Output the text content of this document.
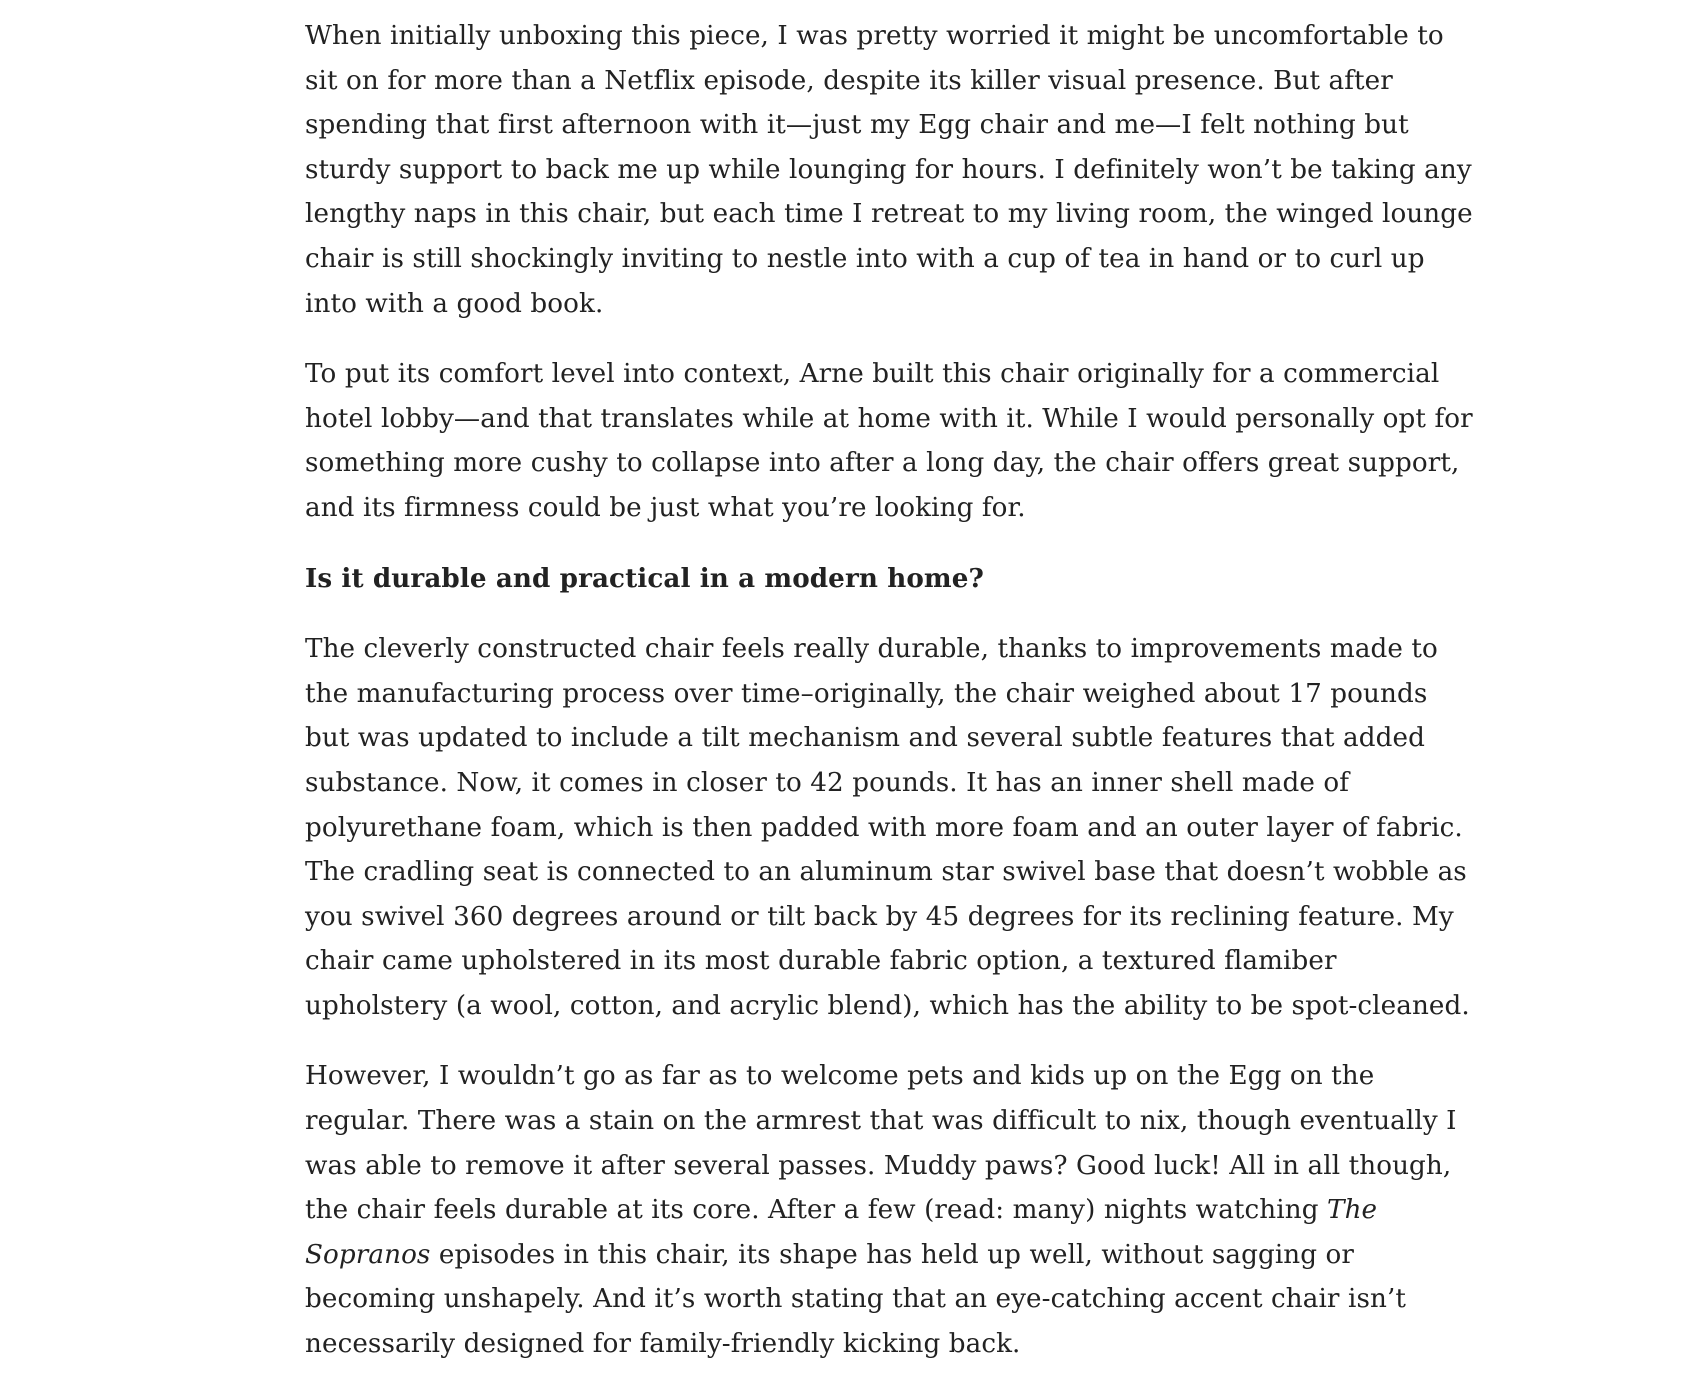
When initially unboxing this piece, I was pretty worried it might be uncomfortable to sit on for more than a Netflix episode, despite its killer visual presence. But after spending that first afternoon with it—just my Egg chair and me—I felt nothing but sturdy support to back me up while lounging for hours. I definitely won’t be taking any lengthy naps in this chair, but each time I retreat to my living room, the winged lounge chair is still shockingly inviting to nestle into with a cup of tea in hand or to curl up into with a good book.

To put its comfort level into context, Arne built this chair originally for a commercial hotel lobby—and that translates while at home with it. While I would personally opt for something more cushy to collapse into after a long day, the chair offers great support, and its firmness could be just what you’re looking for.

Is it durable and practical in a modern home?

The cleverly constructed chair feels really durable, thanks to improvements made to the manufacturing process over time–originally, the chair weighed about 17 pounds but was updated to include a tilt mechanism and several subtle features that added substance. Now, it comes in closer to 42 pounds. It has an inner shell made of polyurethane foam, which is then padded with more foam and an outer layer of fabric. The cradling seat is connected to an aluminum star swivel base that doesn’t wobble as you swivel 360 degrees around or tilt back by 45 degrees for its reclining feature. My chair came upholstered in its most durable fabric option, a textured flamiber upholstery (a wool, cotton, and acrylic blend), which has the ability to be spot-cleaned.

However, I wouldn’t go as far as to welcome pets and kids up on the Egg on the regular. There was a stain on the armrest that was difficult to nix, though eventually I was able to remove it after several passes. Muddy paws? Good luck! All in all though, the chair feels durable at its core. After a few (read: many) nights watching The Sopranos episodes in this chair, its shape has held up well, without sagging or becoming unshapely. And it’s worth stating that an eye-catching accent chair isn’t necessarily designed for family-friendly kicking back.
